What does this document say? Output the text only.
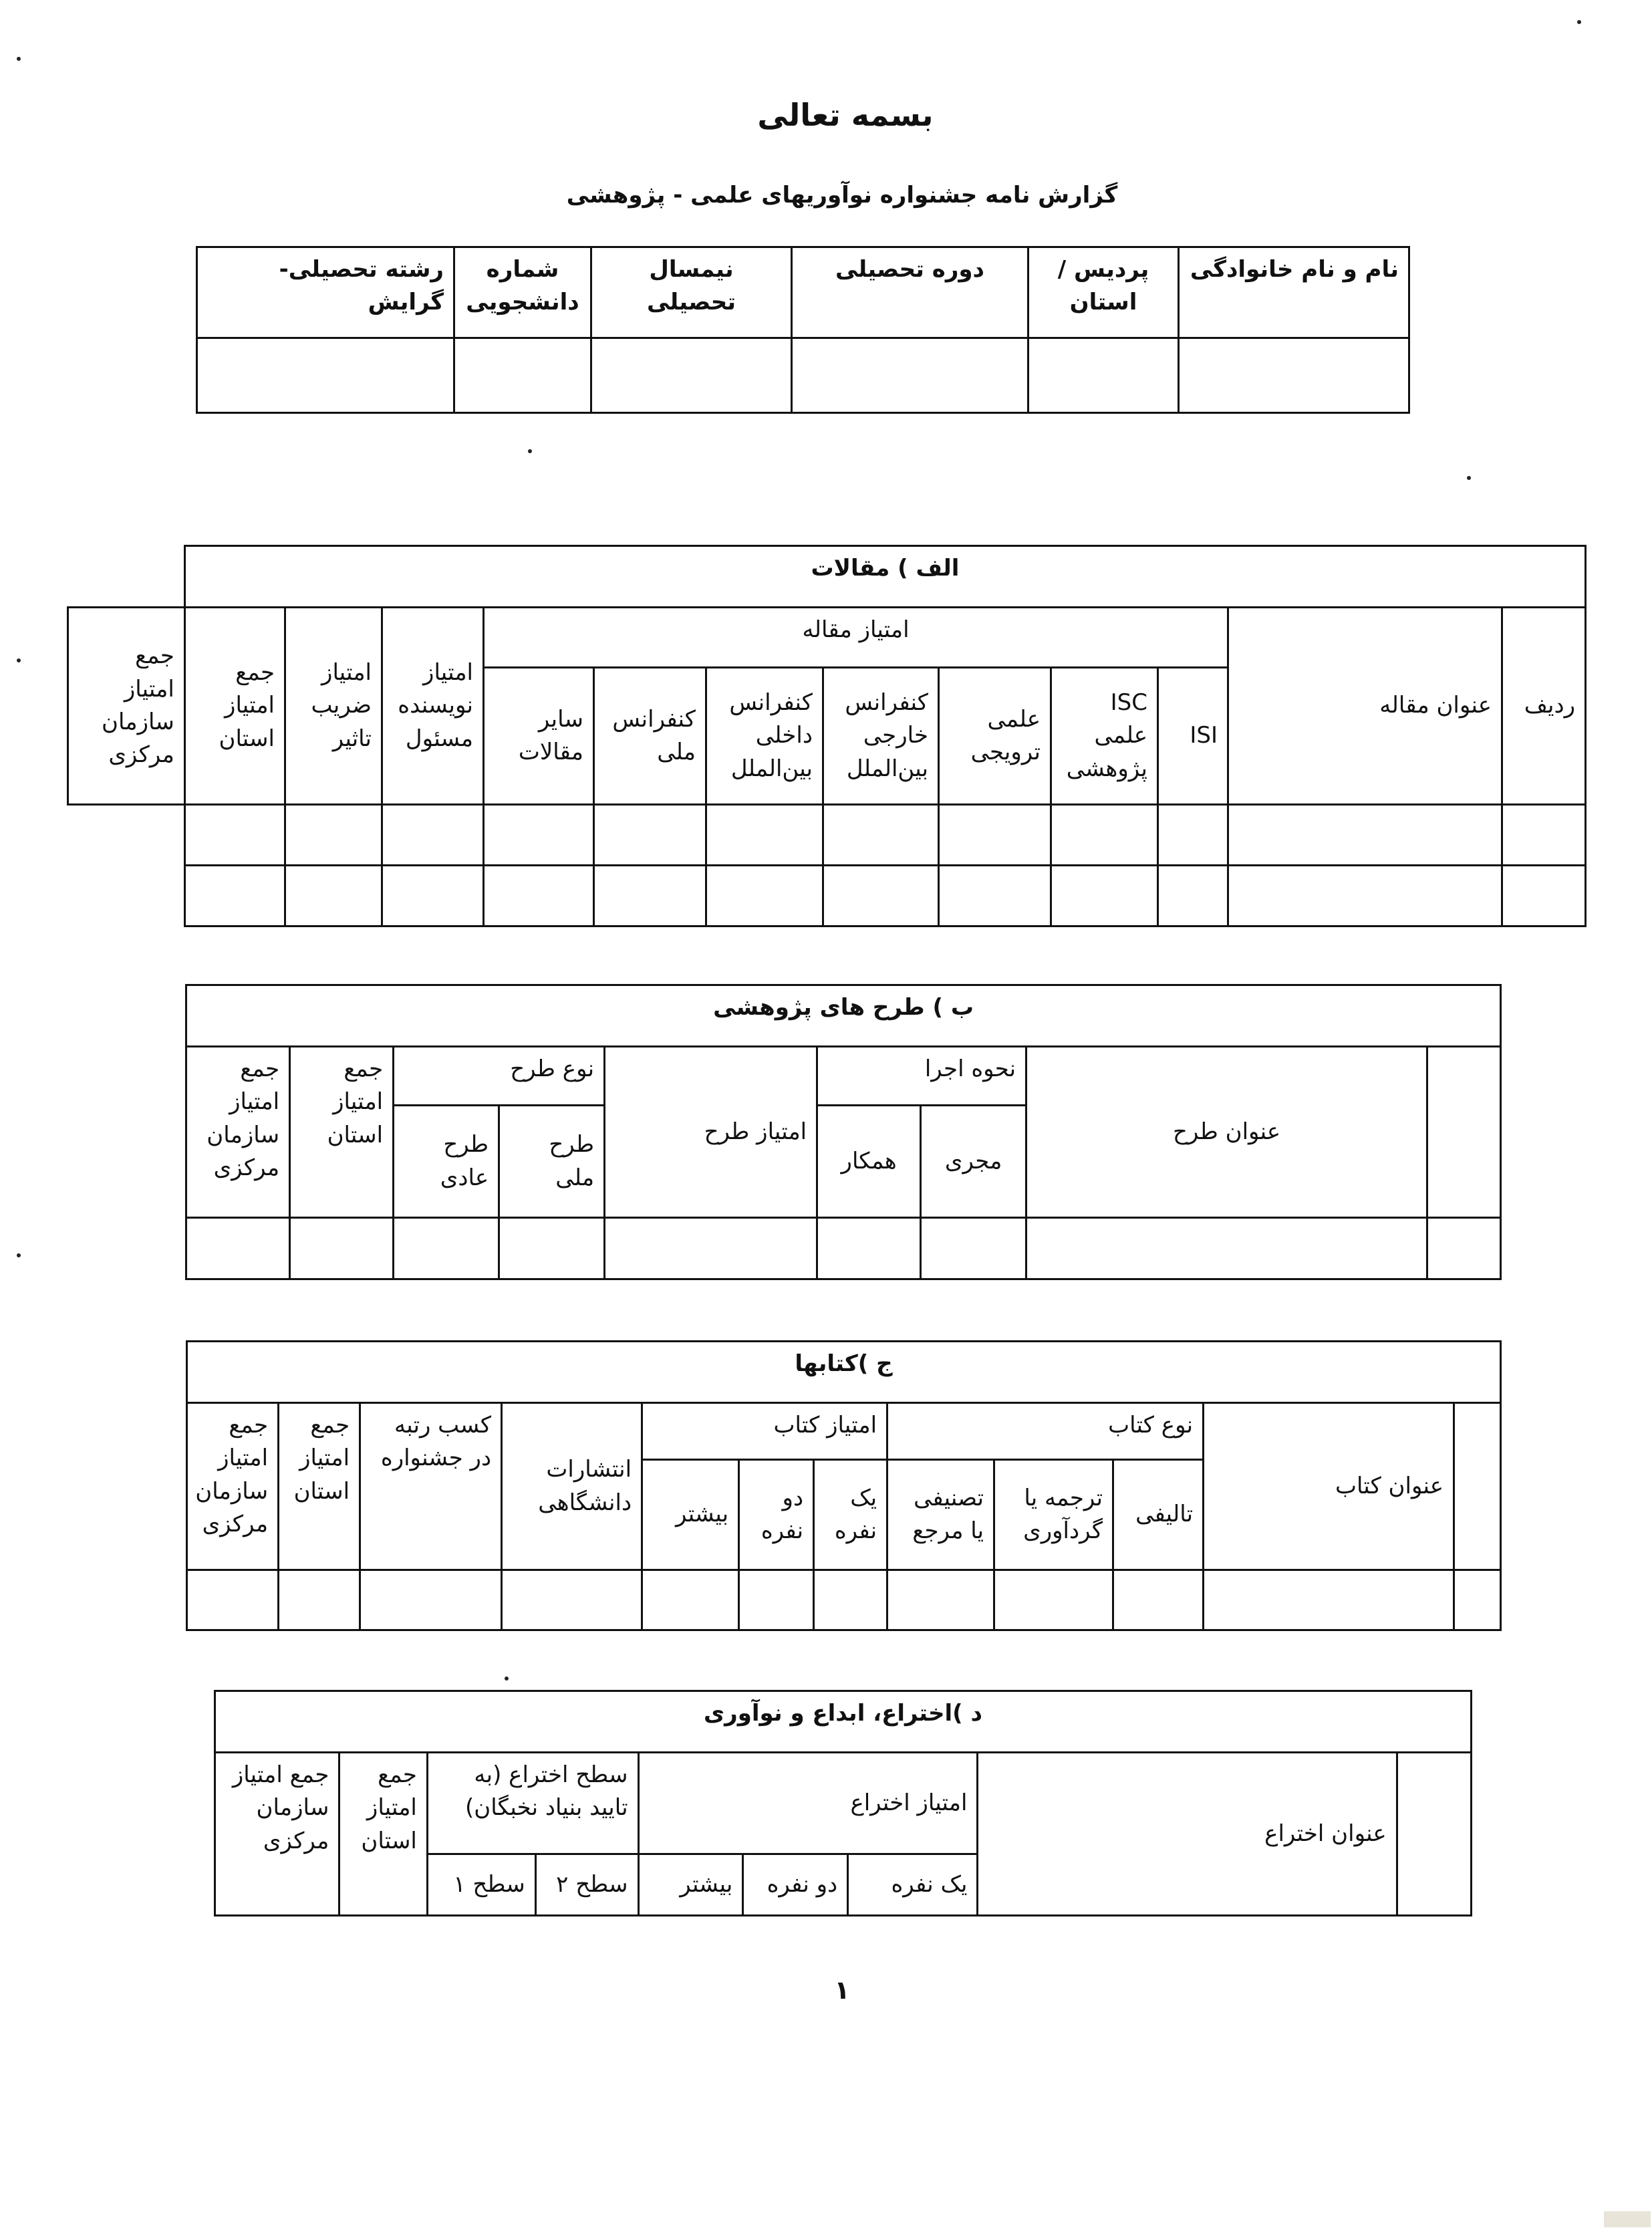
بسمه تعالی
گزارش نامه جشنواره نوآوریهای علمی - پژوهشی
نام و نام خانوادگی	پردیس / استان	دوره تحصیلی	نیمسال تحصیلی	شماره دانشجویی	رشته تحصیلی-گرایش

الف ) مقالات												
ردیف	عنوان مقاله	امتیاز مقاله							امتیاز نویسنده مسئول	امتیاز ضریب تاثیر	جمع امتیاز استان	جمع امتیاز سازمان مرکزی
		ISI	ISC علمی پژوهشی	علمی ترویجی	کنفرانس خارجی بین‌الملل	کنفرانس داخلی بین‌الملل	کنفرانس ملی	سایر مقالات				

ب ) طرح های پژوهشی								
	عنوان طرح	نحوه اجرا		امتیاز طرح	نوع طرح		جمع امتیاز استان	جمع امتیاز سازمان مرکزی
		مجری	همکار		طرح ملی	طرح عادی		

ج )کتابها											
	عنوان کتاب	نوع کتاب			امتیاز کتاب			انتشارات دانشگاهی	کسب رتبه در جشنواره	جمع امتیاز استان	جمع امتیاز سازمان مرکزی
		تالیفی	ترجمه یا گردآوری	تصنیفی یا مرجع	یک نفره	دو نفره	بیشتر				

د )اختراع، ابداع و نوآوری								
	عنوان اختراع	امتیاز اختراع			سطح اختراع (به تایید بنیاد نخبگان)		جمع امتیاز استان	جمع امتیاز سازمان مرکزی
		یک نفره	دو نفره	بیشتر	سطح ۲	سطح ۱		
۱
